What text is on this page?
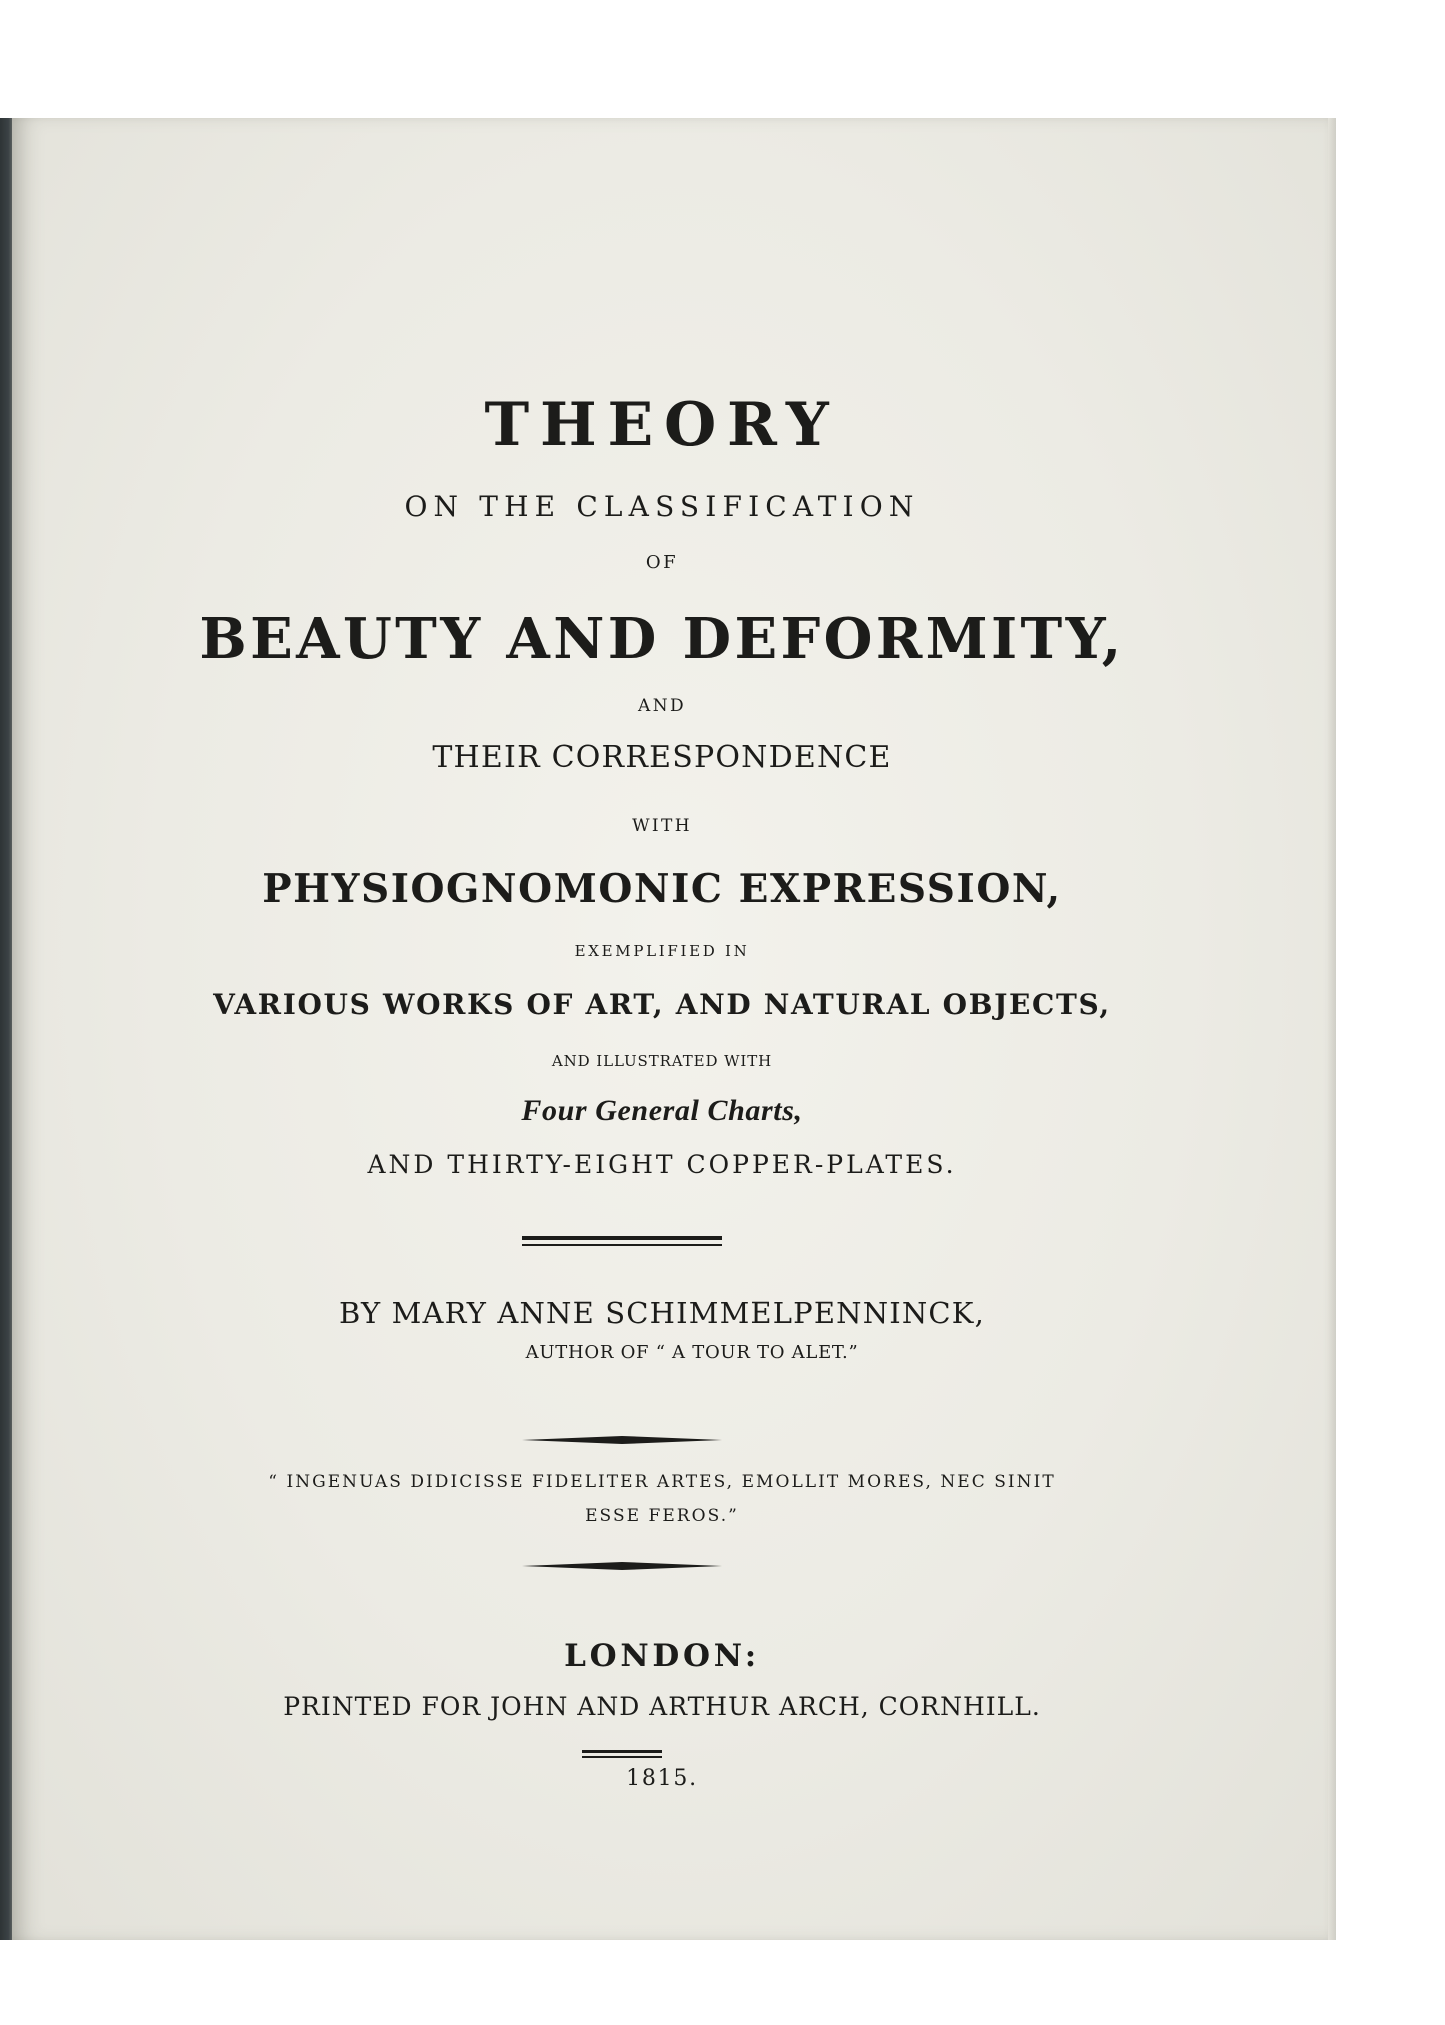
THEORY
ON THE CLASSIFICATION
OF
BEAUTY AND DEFORMITY,
AND
THEIR CORRESPONDENCE
WITH
PHYSIOGNOMONIC EXPRESSION,
EXEMPLIFIED IN
VARIOUS WORKS OF ART, AND NATURAL OBJECTS,
AND ILLUSTRATED WITH
Four General Charts,
AND THIRTY-EIGHT COPPER-PLATES.
BY MARY ANNE SCHIMMELPENNINCK,
AUTHOR OF “ A TOUR TO ALET.”
“ INGENUAS DIDICISSE FIDELITER ARTES, EMOLLIT MORES, NEC SINIT
ESSE FEROS.”
LONDON:
PRINTED FOR JOHN AND ARTHUR ARCH, CORNHILL.
1815.
